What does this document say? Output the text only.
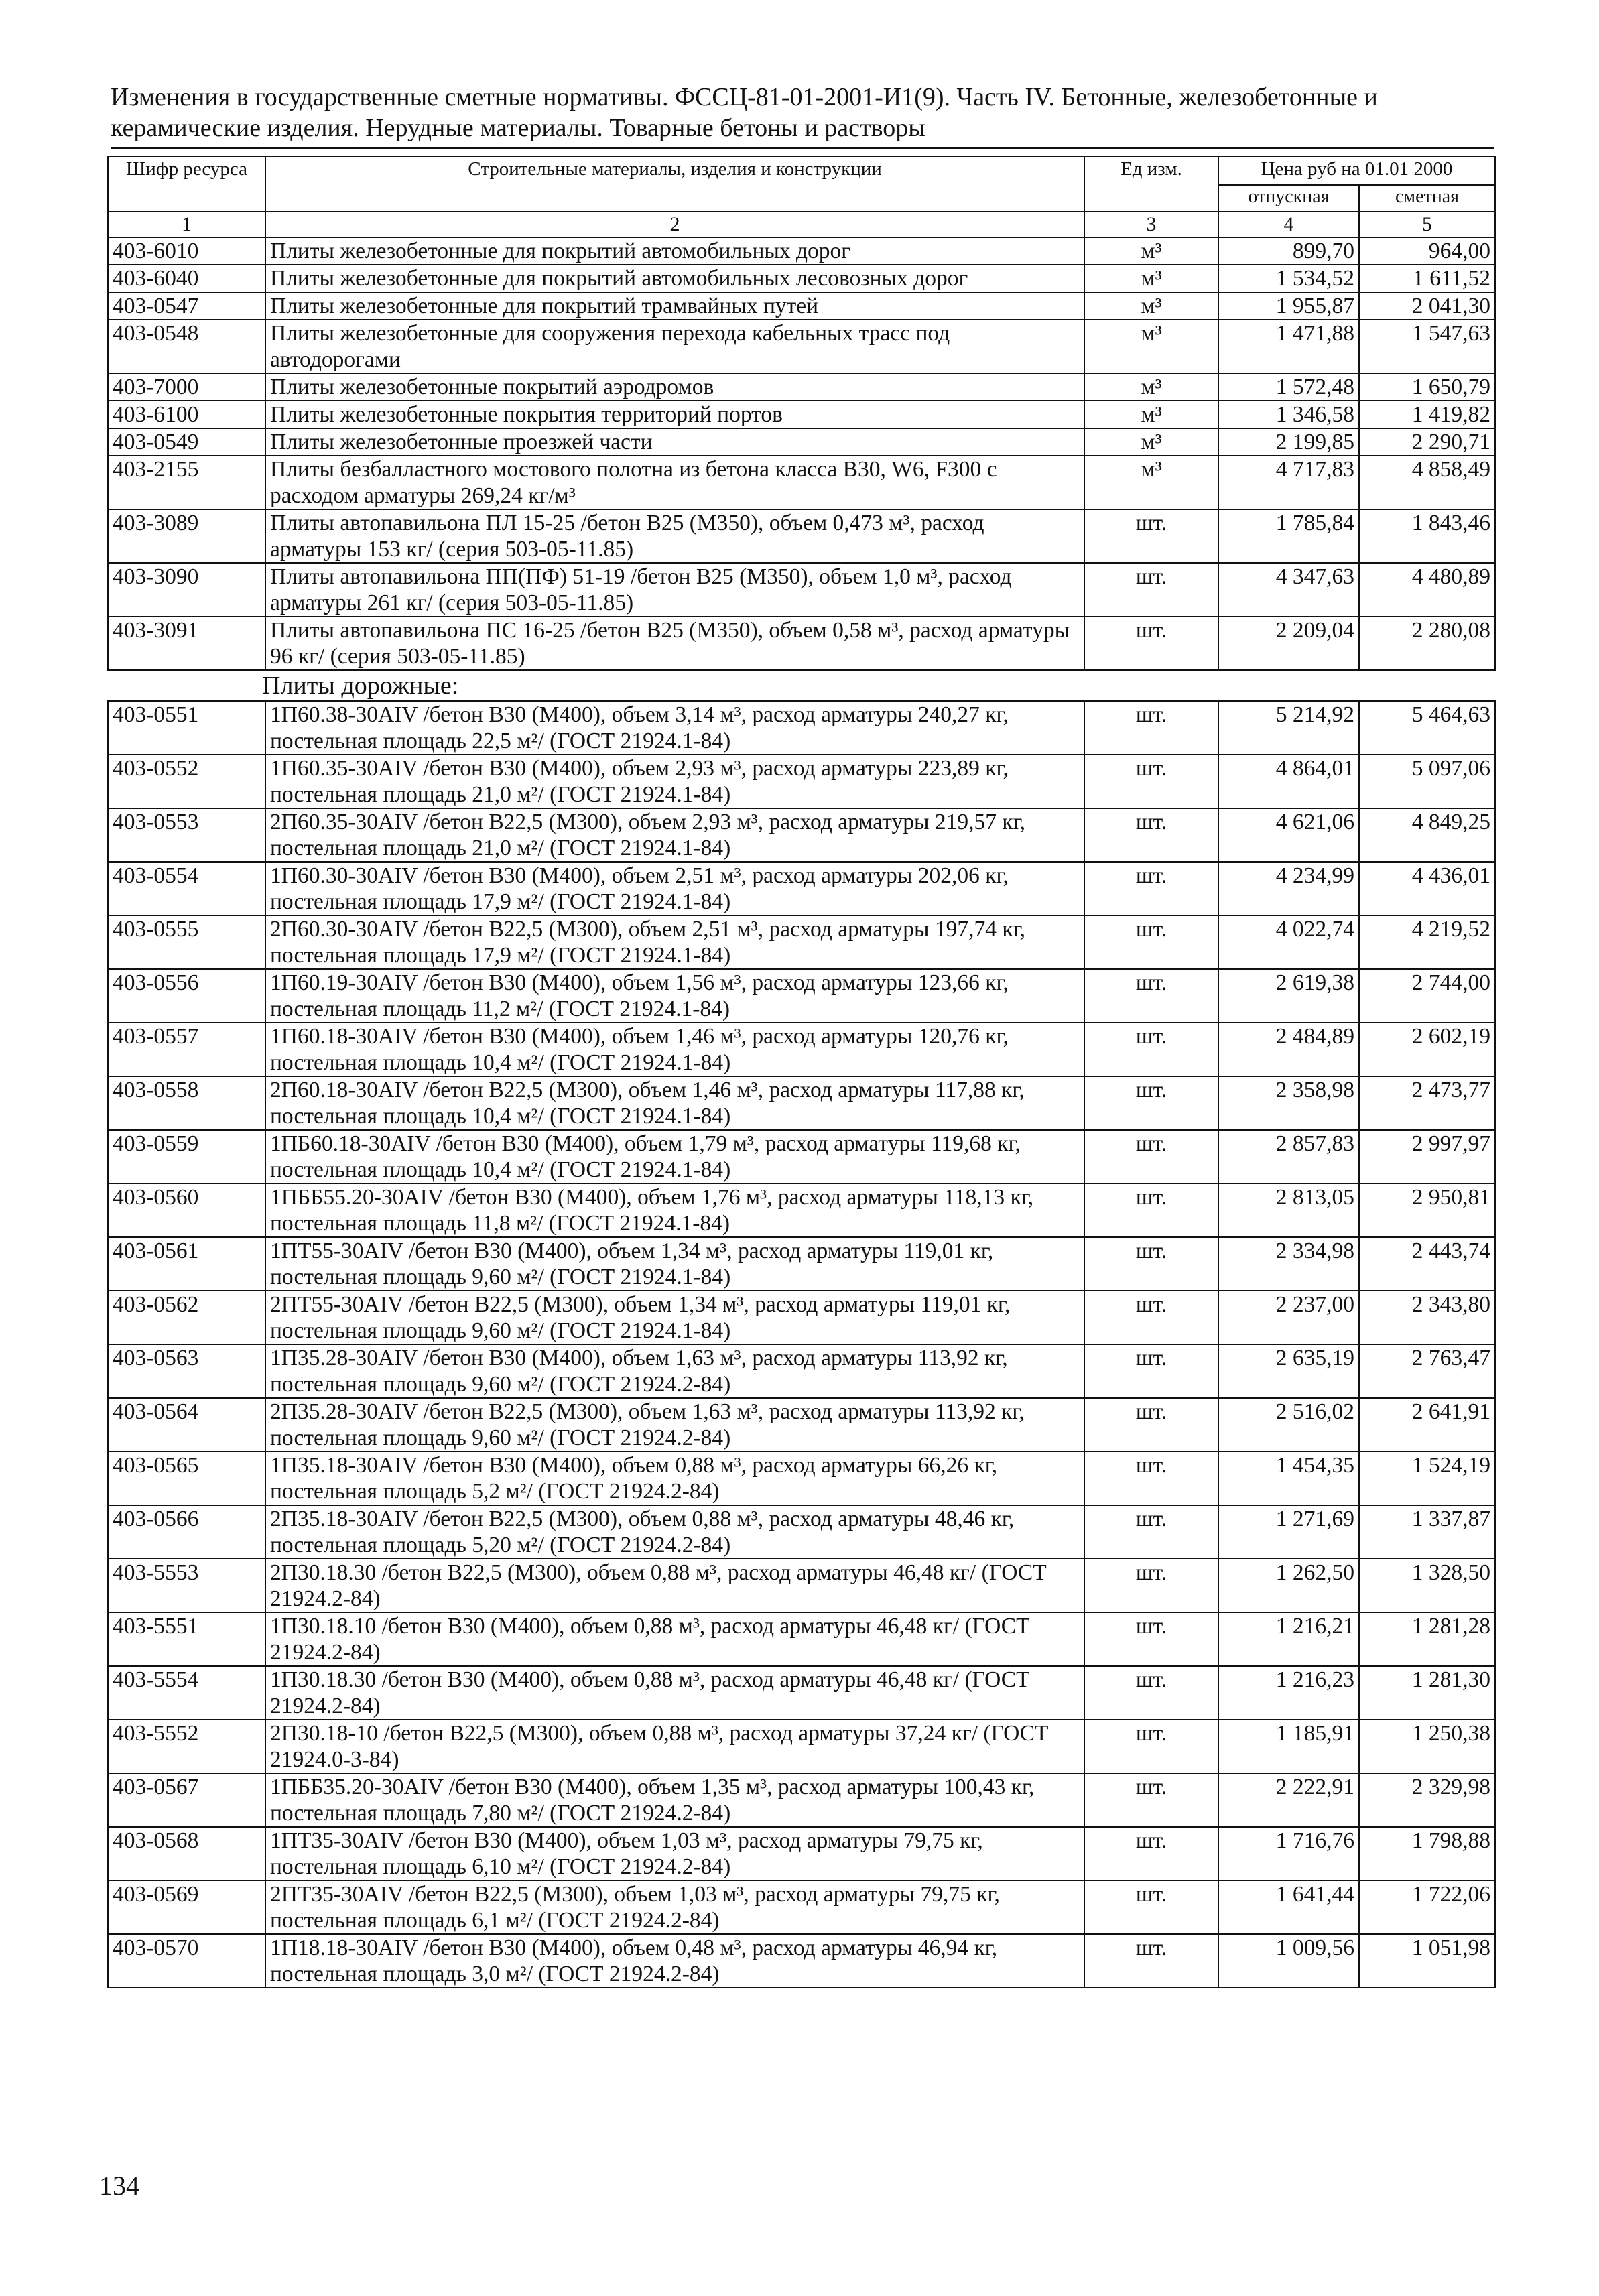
Изменения в государственные сметные нормативы. ФССЦ-81-01-2001-И1(9). Часть IV. Бетонные, железобетонные и
керамические изделия. Нерудные материалы. Товарные бетоны и растворы
Шифр ресурса	Строительные материалы, изделия и конструкции	Ед изм.	Цена руб на 01.01 2000	
			отпускная	сметная
1	2	3	4	5
403-6010	Плиты железобетонные для покрытий автомобильных дорог	м³	899,70	964,00
403-6040	Плиты железобетонные для покрытий автомобильных лесовозных дорог	м³	1 534,52	1 611,52
403-0547	Плиты железобетонные для покрытий трамвайных путей	м³	1 955,87	2 041,30
403-0548	Плиты железобетонные для сооружения перехода кабельных трасс под автодорогами	м³	1 471,88	1 547,63
403-7000	Плиты железобетонные покрытий аэродромов	м³	1 572,48	1 650,79
403-6100	Плиты железобетонные покрытия территорий портов	м³	1 346,58	1 419,82
403-0549	Плиты железобетонные проезжей части	м³	2 199,85	2 290,71
403-2155	Плиты безбалластного мостового полотна из бетона класса В30, W6, F300 с расходом арматуры 269,24 кг/м³	м³	4 717,83	4 858,49
403-3089	Плиты автопавильона ПЛ 15-25 /бетон В25 (М350), объем 0,473 м³, расход арматуры 153 кг/ (серия 503-05-11.85)	шт.	1 785,84	1 843,46
403-3090	Плиты автопавильона ПП(ПФ) 51-19 /бетон В25 (М350), объем 1,0 м³, расход арматуры 261 кг/ (серия 503-05-11.85)	шт.	4 347,63	4 480,89
403-3091	Плиты автопавильона ПС 16-25 /бетон В25 (М350), объем 0,58 м³, расход арматуры 96 кг/ (серия 503-05-11.85)	шт.	2 209,04	2 280,08
Плиты дорожные:				
403-0551	1П60.38-30AIV /бетон В30 (М400), объем 3,14 м³, расход арматуры 240,27 кг, постельная площадь 22,5 м²/ (ГОСТ 21924.1-84)	шт.	5 214,92	5 464,63
403-0552	1П60.35-30AIV /бетон В30 (М400), объем 2,93 м³, расход арматуры 223,89 кг, постельная площадь 21,0 м²/ (ГОСТ 21924.1-84)	шт.	4 864,01	5 097,06
403-0553	2П60.35-30AIV /бетон В22,5 (М300), объем 2,93 м³, расход арматуры 219,57 кг, постельная площадь 21,0 м²/ (ГОСТ 21924.1-84)	шт.	4 621,06	4 849,25
403-0554	1П60.30-30AIV /бетон В30 (М400), объем 2,51 м³, расход арматуры 202,06 кг, постельная площадь 17,9 м²/ (ГОСТ 21924.1-84)	шт.	4 234,99	4 436,01
403-0555	2П60.30-30AIV /бетон В22,5 (М300), объем 2,51 м³, расход арматуры 197,74 кг, постельная площадь 17,9 м²/ (ГОСТ 21924.1-84)	шт.	4 022,74	4 219,52
403-0556	1П60.19-30AIV /бетон В30 (М400), объем 1,56 м³, расход арматуры 123,66 кг, постельная площадь 11,2 м²/ (ГОСТ 21924.1-84)	шт.	2 619,38	2 744,00
403-0557	1П60.18-30AIV /бетон В30 (М400), объем 1,46 м³, расход арматуры 120,76 кг, постельная площадь 10,4 м²/ (ГОСТ 21924.1-84)	шт.	2 484,89	2 602,19
403-0558	2П60.18-30AIV /бетон В22,5 (М300), объем 1,46 м³, расход арматуры 117,88 кг, постельная площадь 10,4 м²/ (ГОСТ 21924.1-84)	шт.	2 358,98	2 473,77
403-0559	1ПБ60.18-30AIV /бетон В30 (М400), объем 1,79 м³, расход арматуры 119,68 кг, постельная площадь 10,4 м²/ (ГОСТ 21924.1-84)	шт.	2 857,83	2 997,97
403-0560	1ПББ55.20-30AIV /бетон В30 (М400), объем 1,76 м³, расход арматуры 118,13 кг, постельная площадь 11,8 м²/ (ГОСТ 21924.1-84)	шт.	2 813,05	2 950,81
403-0561	1ПТ55-30AIV /бетон В30 (М400), объем 1,34 м³, расход арматуры 119,01 кг, постельная площадь 9,60 м²/ (ГОСТ 21924.1-84)	шт.	2 334,98	2 443,74
403-0562	2ПТ55-30AIV /бетон В22,5 (М300), объем 1,34 м³, расход арматуры 119,01 кг, постельная площадь 9,60 м²/ (ГОСТ 21924.1-84)	шт.	2 237,00	2 343,80
403-0563	1П35.28-30AIV /бетон В30 (М400), объем 1,63 м³, расход арматуры 113,92 кг, постельная площадь 9,60 м²/ (ГОСТ 21924.2-84)	шт.	2 635,19	2 763,47
403-0564	2П35.28-30AIV /бетон В22,5 (М300), объем 1,63 м³, расход арматуры 113,92 кг, постельная площадь 9,60 м²/ (ГОСТ 21924.2-84)	шт.	2 516,02	2 641,91
403-0565	1П35.18-30AIV /бетон В30 (М400), объем 0,88 м³, расход арматуры 66,26 кг, постельная площадь 5,2 м²/ (ГОСТ 21924.2-84)	шт.	1 454,35	1 524,19
403-0566	2П35.18-30AIV /бетон В22,5 (М300), объем 0,88 м³, расход арматуры 48,46 кг, постельная площадь 5,20 м²/ (ГОСТ 21924.2-84)	шт.	1 271,69	1 337,87
403-5553	2П30.18.30 /бетон В22,5 (М300), объем 0,88 м³, расход арматуры 46,48 кг/ (ГОСТ 21924.2-84)	шт.	1 262,50	1 328,50
403-5551	1П30.18.10 /бетон В30 (М400), объем 0,88 м³, расход арматуры 46,48 кг/ (ГОСТ 21924.2-84)	шт.	1 216,21	1 281,28
403-5554	1П30.18.30 /бетон В30 (М400), объем 0,88 м³, расход арматуры 46,48 кг/ (ГОСТ 21924.2-84)	шт.	1 216,23	1 281,30
403-5552	2П30.18-10 /бетон В22,5 (М300), объем 0,88 м³, расход арматуры 37,24 кг/ (ГОСТ 21924.0-3-84)	шт.	1 185,91	1 250,38
403-0567	1ПББ35.20-30AIV /бетон В30 (М400), объем 1,35 м³, расход арматуры 100,43 кг, постельная площадь 7,80 м²/ (ГОСТ 21924.2-84)	шт.	2 222,91	2 329,98
403-0568	1ПТ35-30AIV /бетон В30 (М400), объем 1,03 м³, расход арматуры 79,75 кг, постельная площадь 6,10 м²/ (ГОСТ 21924.2-84)	шт.	1 716,76	1 798,88
403-0569	2ПТ35-30AIV /бетон В22,5 (М300), объем 1,03 м³, расход арматуры 79,75 кг, постельная площадь 6,1 м²/ (ГОСТ 21924.2-84)	шт.	1 641,44	1 722,06
403-0570	1П18.18-30AIV /бетон В30 (М400), объем 0,48 м³, расход арматуры 46,94 кг, постельная площадь 3,0 м²/ (ГОСТ 21924.2-84)	шт.	1 009,56	1 051,98
134
